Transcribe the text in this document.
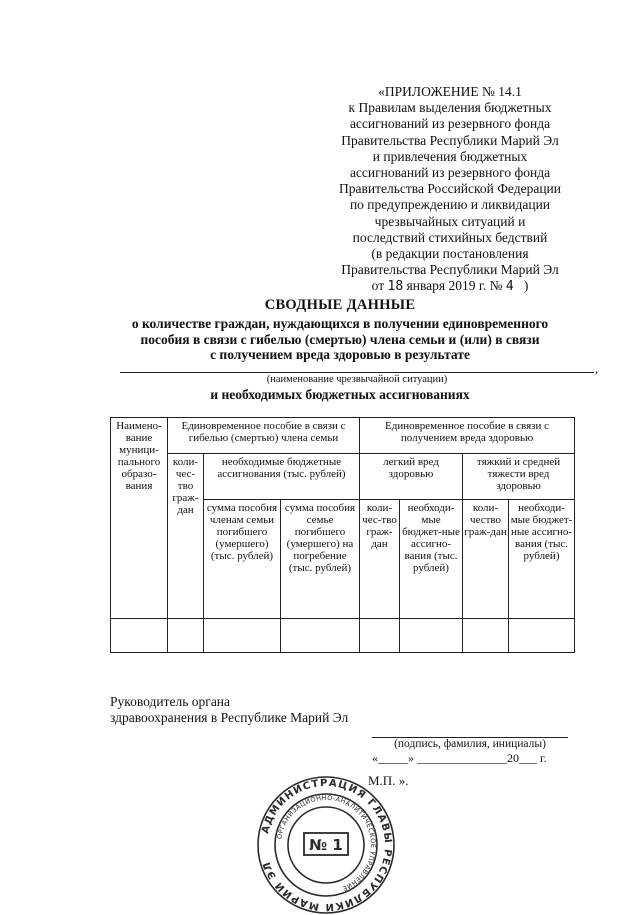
«ПРИЛОЖЕНИЕ № 14.1
к Правилам выделения бюджетных
ассигнований из резервного фонда
Правительства Республики Марий Эл
и привлечения бюджетных
ассигнований из резервного фонда
Правительства Российской Федерации
по предупреждению и ликвидации
чрезвычайных ситуаций и
последствий стихийных бедствий
(в редакции постановления
Правительства Республики Марий Эл
от 18 января 2019 г. № 4 )
СВОДНЫЕ ДАННЫЕ
о количестве граждан, нуждающихся в получении единовременного
пособия в связи с гибелью (смертью) члена семьи и (или) в связи
с получением вреда здоровью в результате
,
(наименование чрезвычайной ситуации)
и необходимых бюджетных ассигнованиях
Наимено-вание муници-пального образо-вания	Единовременное пособие в связи с гибелью (смертью) члена семьи			Единовременное пособие в связи с получением вреда здоровью			
	коли-чес-тво граж-дан	необходимые бюджетные ассигнования (тыс. рублей)		легкий вред здоровью		тяжкий и средней тяжести вред здоровью	
		сумма пособия членам семьи погибшего (умершего) (тыс. рублей)	сумма пособия семье погибшего (умершего) на погребение (тыс. рублей)	коли-чес-тво граж-дан	необходи-мые бюджет-ные ассигно-вания (тыс. рублей)	коли-чество граж-дан	необходи-мые бюджет-ные ассигно-вания (тыс. рублей)

Руководитель органа
здравоохранения в Республике Марий Эл
(подпись, фамилия, инициалы)
«_____» _______________20___ г.
М.П. ».
АДМИНИСТРАЦИЯ ГЛАВЫ РЕСПУБЛИКИ МАРИЙ ЭЛ
ОРГАНИЗАЦИОННО-АНАЛИТИЧЕСКОЕ УПРАВЛЕНИЕ
№ 1
